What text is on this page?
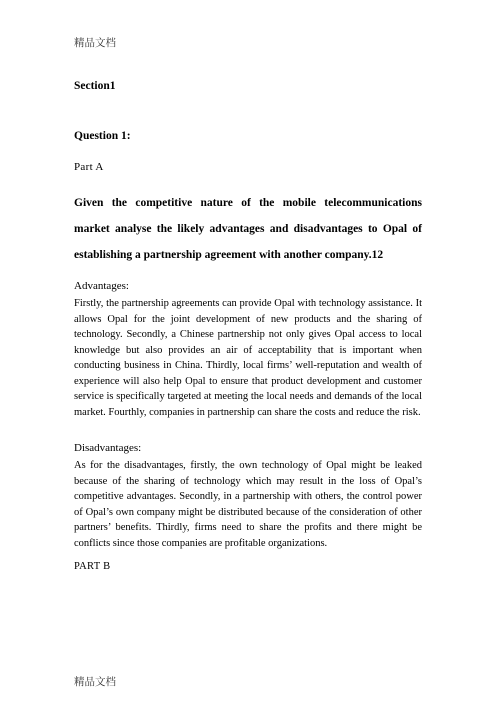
精品文档

Section1

Question 1:

Part A

Given the competitive nature of the mobile telecommunications market analyse the likely advantages and disadvantages to Opal of establishing a partnership agreement with another company.12

Advantages:

Firstly, the partnership agreements can provide Opal with technology assistance. It allows Opal for the joint development of new products and the sharing of technology. Secondly, a Chinese partnership not only gives Opal access to local knowledge but also provides an air of acceptability that is important when conducting business in China. Thirdly, local firms’ well-reputation and wealth of experience will also help Opal to ensure that product development and customer service is specifically targeted at meeting the local needs and demands of the local market. Fourthly, companies in partnership can share the costs and reduce the risk.

Disadvantages:

As for the disadvantages, firstly, the own technology of Opal might be leaked because of the sharing of technology which may result in the loss of Opal’s competitive advantages. Secondly, in a partnership with others, the control power of Opal’s own company might be distributed because of the consideration of other partners’ benefits. Thirdly, firms need to share the profits and there might be conflicts since those companies are profitable organizations.

PART B

精品文档
